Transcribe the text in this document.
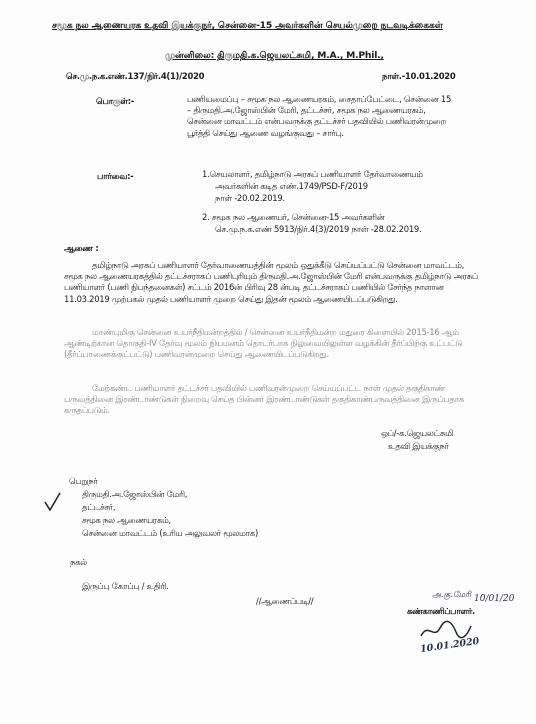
சமூக நல ஆணையரக உதவி இயக்குநர், சென்னை-15 அவர்களின் செயல்முறை நடவடிக்கைகள்
முன்னிலை: திருமதி.க.ஜெயலட்சுமி, M.A., M.Phil.,
செ.மு.ந.க.எண்.137/நிர்.4(1)/2020	நாள்.-10.01.2020
பொருள்:-	பணியமைப்பு – சமூக நல ஆணையரகம், சைதாப்பேட்டை, சென்னை 15 – திருமதி.அ.ஜோஸ்பின் மேரி, தட்டச்சர், சமூக நல ஆணையரகம், சென்னை மாவட்டம் என்பவருக்கு தட்டச்சர் பதவியில் பணிவரன்முறை பூர்த்தி செய்து ஆணை வழங்குவது – சார்பு.
பார்வை:-	1.செயலாளர், தமிழ்நாடு அரசுப் பணியாளர் தேர்வாணையம்
அவர்களின் கடித எண்.1749/PSD-F/2019
நாள் -20.02.2019.
2. சமூக நல ஆணையர், சென்னை-15 அவர்களின்
செ.மு.ந.க.எண் 5913/நிர்.4(3)/2019 நாள் -28.02.2019.
ஆணை :
தமிழ்நாடு அரசுப் பணியாளர் தேர்வாணையத்தின் மூலம் ஒதுக்கீடு செய்யப்பட்டு சென்னை மாவட்டம், சமூக நல ஆணையரகத்தில் தட்டச்சராகப் பணிபுரியும் திருமதி.அ.ஜோஸ்பின் மேரி என்பவருக்கு தமிழ்நாடு அரசுப் பணியாளர் (பணி நிபந்தனைகள்) சட்டம் 2016ன் பிரிவு 28 ன்படி தட்டச்சராகப் பணியில் சேர்ந்த நாளான 11.03.2019 முற்பகல் முதல் பணியாளர் முறை செய்து இதன் மூலம் ஆணையிடப்படுகிறது.
மாண்புமிகு சென்னை உயர்நீதிமன்றத்தில் / சென்னை உயர்நீதிமன்ற மதுரை கிளையில் 2015-16 ஆம் ஆண்டிற்கான தொகுதி-IV தேர்வு மூலம் நியமனம் தொடர்பாக நிலுவையிலுள்ள வழக்கின் தீர்ப்பிற்கு உட்பட்டு (தீர்ப்பாணைக்குட்பட்டு) பணிவரன்முறை செய்து ஆணையிடப்படுகிறது.
மேற்கண்ட பணியாளர் தட்டச்சர் பதவியில் பணிவரன்முறை செய்யப்பட்ட நாள் முதல் தகுதிகாண் பருவத்தினை இரண்டாண்டுகள் நிறைவு செய்த பின்னர் இரண்டாண்டுகள் தகுதிகாண்பருவத்தினை இருப்பதாக கருதப்படும்.
ஒப்/-க.ஜெயலட்சுமி
உதவி இயக்குநர்
பெறுநர்
திருமதி.அ.ஜோஸ்பின் மேரி,
தட்டச்சர்,
சமூக நல ஆணையரகம்,
சென்னை மாவட்டம் (உரிய அலுவலர் மூலமாக)
நகல்
இருப்பு கோப்பு / உதிரி.
//ஆணைப்படி//
அ.கு.மேரி 10/01/20
கண்காணிப்பாளர்.
10.01.2020
